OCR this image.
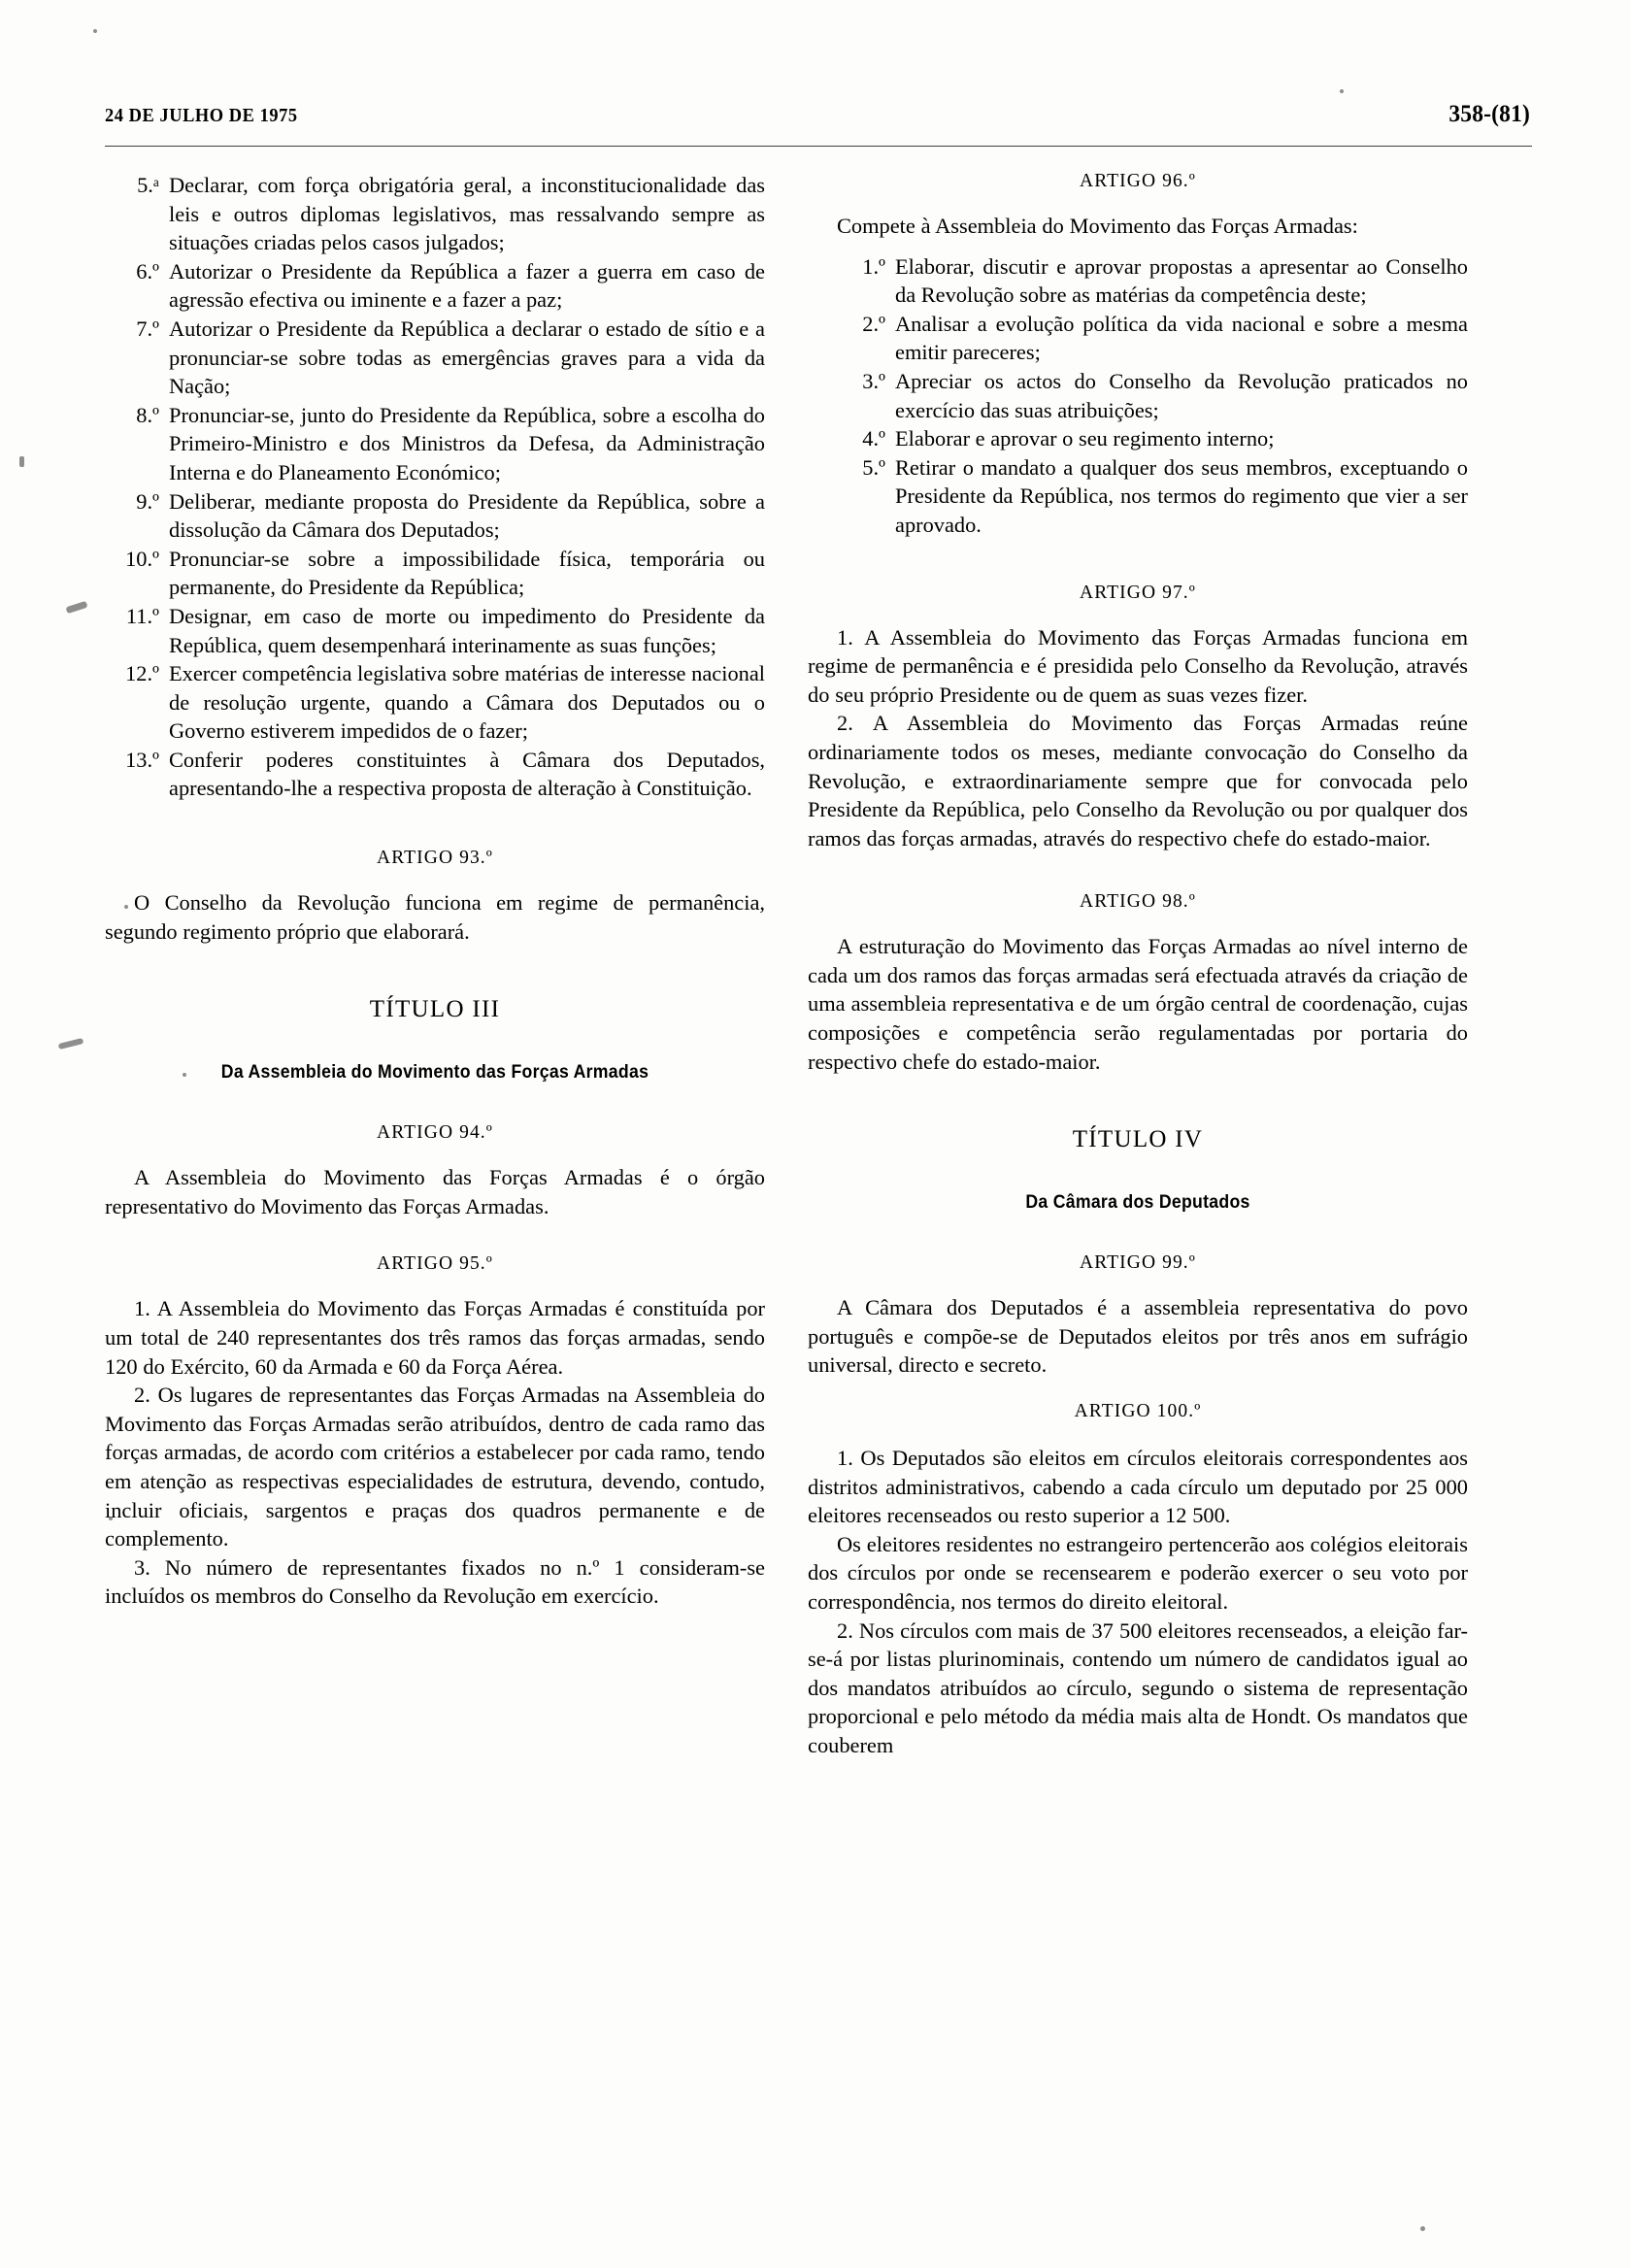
24 DE JULHO DE 1975	358-(81)
5.ᵃ Declarar, com força obrigatória geral, a inconstitucionalidade das leis e outros diplomas legislativos, mas ressalvando sempre as situações criadas pelos casos julgados;
6.º Autorizar o Presidente da República a fazer a guerra em caso de agressão efectiva ou iminente e a fazer a paz;
7.º Autorizar o Presidente da República a declarar o estado de sítio e a pronunciar-se sobre todas as emergências graves para a vida da Nação;
8.º Pronunciar-se, junto do Presidente da República, sobre a escolha do Primeiro-Ministro e dos Ministros da Defesa, da Administração Interna e do Planeamento Económico;
9.º Deliberar, mediante proposta do Presidente da República, sobre a dissolução da Câmara dos Deputados;
10.º Pronunciar-se sobre a impossibilidade física, temporária ou permanente, do Presidente da República;
11.º Designar, em caso de morte ou impedimento do Presidente da República, quem desempenhará interinamente as suas funções;
12.º Exercer competência legislativa sobre matérias de interesse nacional de resolução urgente, quando a Câmara dos Deputados ou o Governo estiverem impedidos de o fazer;
13.º Conferir poderes constituintes à Câmara dos Deputados, apresentando-lhe a respectiva proposta de alteração à Constituição.
ARTIGO 93.º

O Conselho da Revolução funciona em regime de permanência, segundo regimento próprio que elaborará.

TÍTULO III
Da Assembleia do Movimento das Forças Armadas
ARTIGO 94.º

A Assembleia do Movimento das Forças Armadas é o órgão representativo do Movimento das Forças Armadas.

ARTIGO 95.º

1. A Assembleia do Movimento das Forças Armadas é constituída por um total de 240 representantes dos três ramos das forças armadas, sendo 120 do Exército, 60 da Armada e 60 da Força Aérea.

2. Os lugares de representantes das Forças Armadas na Assembleia do Movimento das Forças Armadas serão atribuídos, dentro de cada ramo das forças armadas, de acordo com critérios a estabelecer por cada ramo, tendo em atenção as respectivas especialidades de estrutura, devendo, contudo, incluir oficiais, sargentos e praças dos quadros permanente e de complemento.

3. No número de representantes fixados no n.º 1 consideram-se incluídos os membros do Conselho da Revolução em exercício.

ARTIGO 96.º

Compete à Assembleia do Movimento das Forças Armadas:

1.º Elaborar, discutir e aprovar propostas a apresentar ao Conselho da Revolução sobre as matérias da competência deste;
2.º Analisar a evolução política da vida nacional e sobre a mesma emitir pareceres;
3.º Apreciar os actos do Conselho da Revolução praticados no exercício das suas atribuições;
4.º Elaborar e aprovar o seu regimento interno;
5.º Retirar o mandato a qualquer dos seus membros, exceptuando o Presidente da República, nos termos do regimento que vier a ser aprovado.
ARTIGO 97.º

1. A Assembleia do Movimento das Forças Armadas funciona em regime de permanência e é presidida pelo Conselho da Revolução, através do seu próprio Presidente ou de quem as suas vezes fizer.

2. A Assembleia do Movimento das Forças Armadas reúne ordinariamente todos os meses, mediante convocação do Conselho da Revolução, e extraordinariamente sempre que for convocada pelo Presidente da República, pelo Conselho da Revolução ou por qualquer dos ramos das forças armadas, através do respectivo chefe do estado-maior.

ARTIGO 98.º

A estruturação do Movimento das Forças Armadas ao nível interno de cada um dos ramos das forças armadas será efectuada através da criação de uma assembleia representativa e de um órgão central de coordenação, cujas composições e competência serão regulamentadas por portaria do respectivo chefe do estado-maior.

TÍTULO IV
Da Câmara dos Deputados
ARTIGO 99.º

A Câmara dos Deputados é a assembleia representativa do povo português e compõe-se de Deputados eleitos por três anos em sufrágio universal, directo e secreto.

ARTIGO 100.º

1. Os Deputados são eleitos em círculos eleitorais correspondentes aos distritos administrativos, cabendo a cada círculo um deputado por 25 000 eleitores recenseados ou resto superior a 12 500.

Os eleitores residentes no estrangeiro pertencerão aos colégios eleitorais dos círculos por onde se recensearem e poderão exercer o seu voto por correspondência, nos termos do direito eleitoral.

2. Nos círculos com mais de 37 500 eleitores recenseados, a eleição far-se-á por listas plurinominais, contendo um número de candidatos igual ao dos mandatos atribuídos ao círculo, segundo o sistema de representação proporcional e pelo método da média mais alta de Hondt. Os mandatos que couberem
